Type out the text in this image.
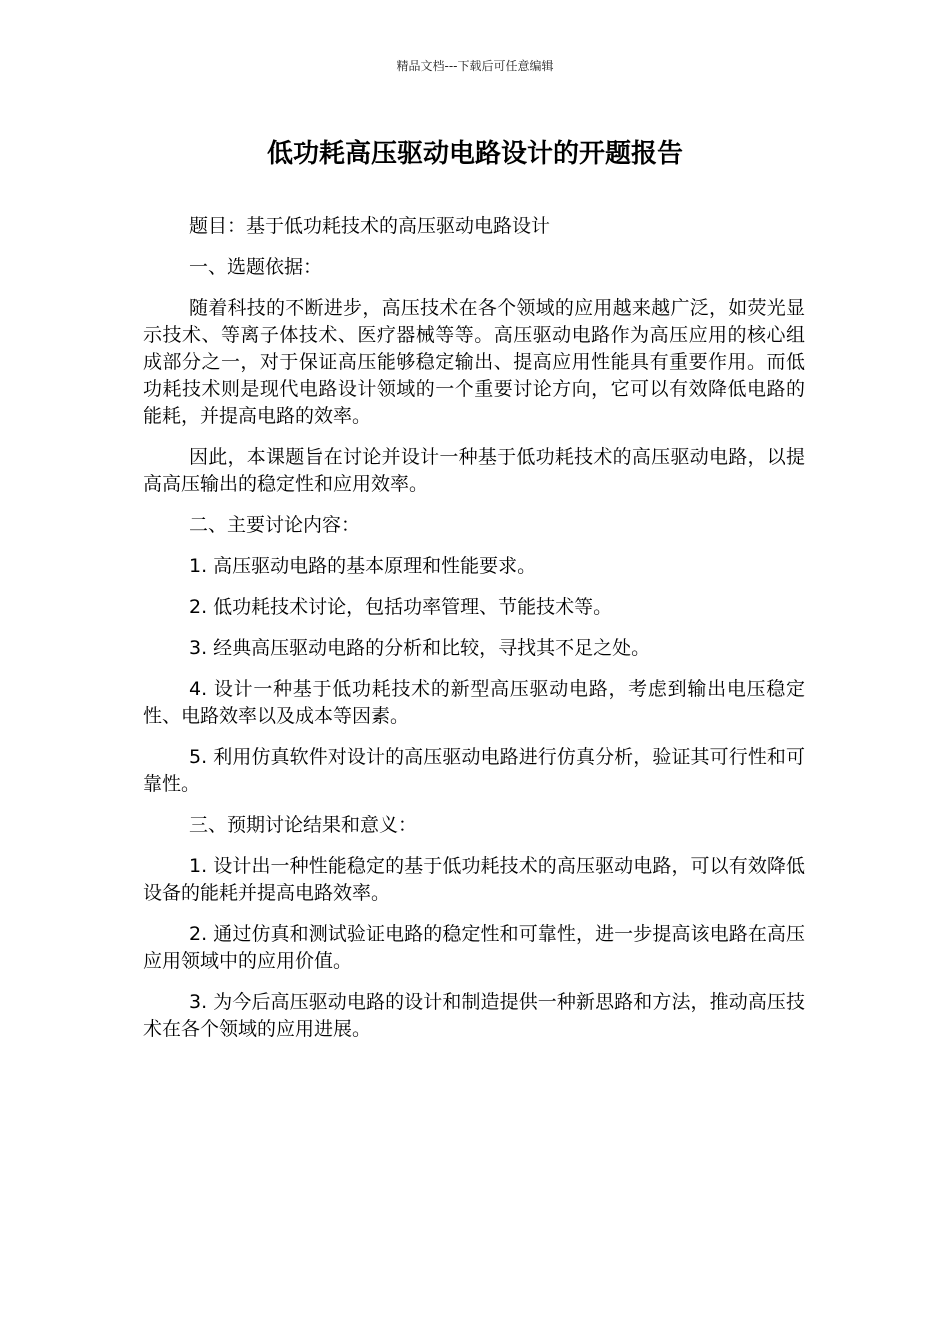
精品文档---下载后可任意编辑
低功耗高压驱动电路设计的开题报告

题目：基于低功耗技术的高压驱动电路设计

一、选题依据：

随着科技的不断进步，高压技术在各个领域的应用越来越广泛，如荧光显示技术、等离子体技术、医疗器械等等。高压驱动电路作为高压应用的核心组成部分之一，对于保证高压能够稳定输出、提高应用性能具有重要作用。而低功耗技术则是现代电路设计领域的一个重要讨论方向，它可以有效降低电路的能耗，并提高电路的效率。

因此，本课题旨在讨论并设计一种基于低功耗技术的高压驱动电路，以提高高压输出的稳定性和应用效率。

二、主要讨论内容：

1. 高压驱动电路的基本原理和性能要求。

2. 低功耗技术讨论，包括功率管理、节能技术等。

3. 经典高压驱动电路的分析和比较，寻找其不足之处。

4. 设计一种基于低功耗技术的新型高压驱动电路，考虑到输出电压稳定性、电路效率以及成本等因素。

5. 利用仿真软件对设计的高压驱动电路进行仿真分析，验证其可行性和可靠性。

三、预期讨论结果和意义：

1. 设计出一种性能稳定的基于低功耗技术的高压驱动电路，可以有效降低设备的能耗并提高电路效率。

2. 通过仿真和测试验证电路的稳定性和可靠性，进一步提高该电路在高压应用领域中的应用价值。

3. 为今后高压驱动电路的设计和制造提供一种新思路和方法，推动高压技术在各个领域的应用进展。
